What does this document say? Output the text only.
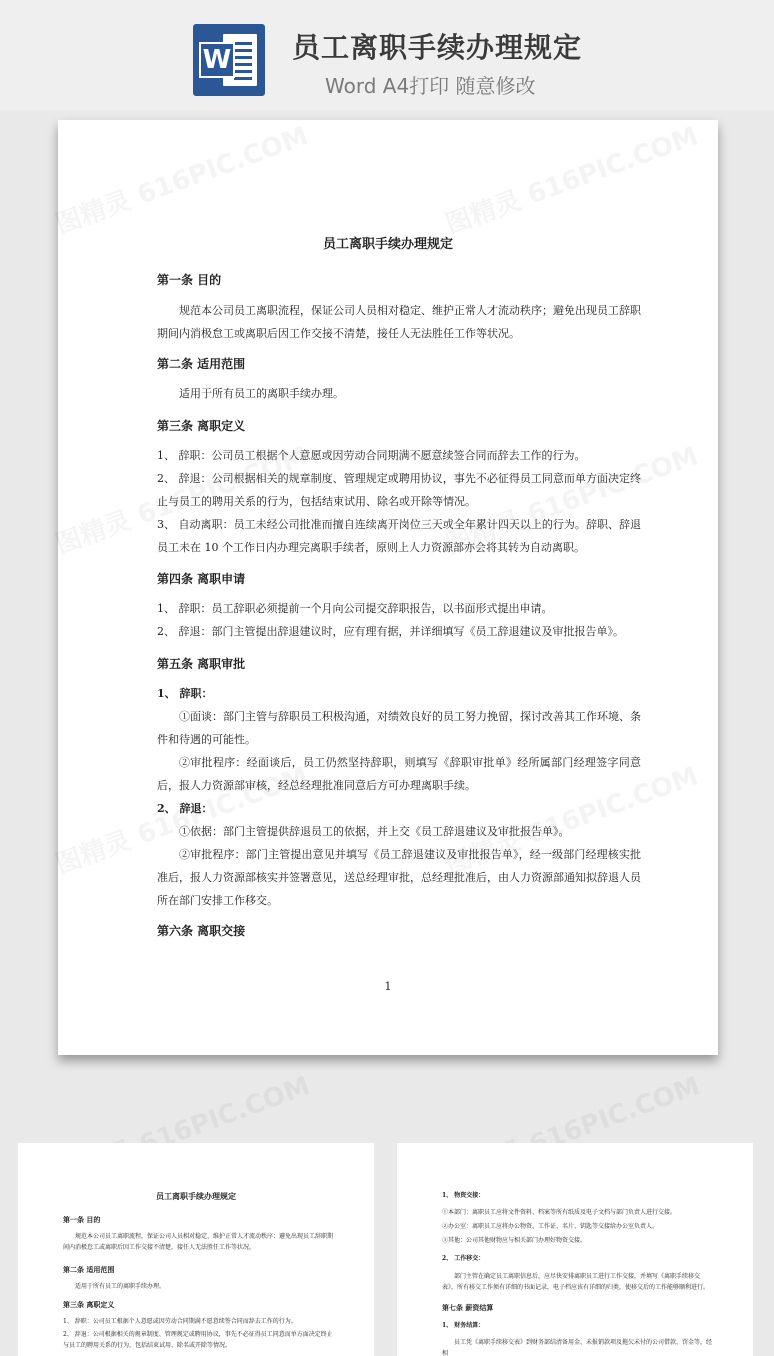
W 员工离职手续办理规定
Word A4打印 随意修改
员工离职手续办理规定
第一条 目的
规范本公司员工离职流程，保证公司人员相对稳定、维护正常人才流动秩序；避免出现员工辞职期间内消极怠工或离职后因工作交接不清楚，接任人无法胜任工作等状况。
第二条 适用范围
适用于所有员工的离职手续办理。
第三条 离职定义
1、 辞职：公司员工根据个人意愿或因劳动合同期满不愿意续签合同而辞去工作的行为。
2、 辞退：公司根据相关的规章制度、管理规定或聘用协议，事先不必征得员工同意而单方面决定终止与员工的聘用关系的行为，包括结束试用、除名或开除等情况。
3、 自动离职：员工未经公司批准而擅自连续离开岗位三天或全年累计四天以上的行为。辞职、辞退员工未在 10 个工作日内办理完离职手续者，原则上人力资源部亦会将其转为自动离职。
第四条 离职申请
1、 辞职：员工辞职必须提前一个月向公司提交辞职报告，以书面形式提出申请。
2、 辞退：部门主管提出辞退建议时，应有理有据，并详细填写《员工辞退建议及审批报告单》。
第五条 离职审批
1、 辞职：
①面谈：部门主管与辞职员工积极沟通，对绩效良好的员工努力挽留，探讨改善其工作环境、条件和待遇的可能性。
②审批程序：经面谈后，员工仍然坚持辞职，则填写《辞职审批单》经所属部门经理签字同意后，报人力资源部审核，经总经理批准同意后方可办理离职手续。
2、 辞退：
①依据：部门主管提供辞退员工的依据，并上交《员工辞退建议及审批报告单》。
②审批程序：部门主管提出意见并填写《员工辞退建议及审批报告单》，经一级部门经理核实批准后，报人力资源部核实并签署意见，送总经理审批，总经理批准后，由人力资源部通知拟辞退人员所在部门安排工作移交。
第六条 离职交接
1
员工离职手续办理规定
第一条 目的
规范本公司员工离职流程，保证公司人员相对稳定、维护正常人才流动秩序；避免出现员工辞职期间内消极怠工或离职后因工作交接不清楚，接任人无法胜任工作等状况。
第二条 适用范围
适用于所有员工的离职手续办理。
第三条 离职定义
1、 辞职：公司员工根据个人意愿或因劳动合同期满不愿意续签合同而辞去工作的行为。
2、 辞退：公司根据相关的规章制度、管理规定或聘用协议，事先不必征得员工同意而单方面决定终止与员工的聘用关系的行为，包括结束试用、除名或开除等情况。
1、 物资交接：
①本部门：离职员工应将文件资料、档案等所有纸质及电子文档与部门负责人进行交接。
②办公室：离职员工应将办公物资、工作证、名片、钥匙等交接给办公室负责人。
③其他：公司其他财物应与相关部门办理好物资交接。
2、 工作移交：
部门主管在确定员工离职信息后，应尽快安排离职员工进行工作交接，并填写《离职手续移交表》，所有移交工作须有详细的书面记录，电子档应该有详细的归类，使移交后的工作能够顺利进行。
第七条 薪资结算
1、 财务结算：
员工凭《离职手续移交表》到财务部结清备用金、未报销款项及拖欠未付的公司借款、罚金等，经相
